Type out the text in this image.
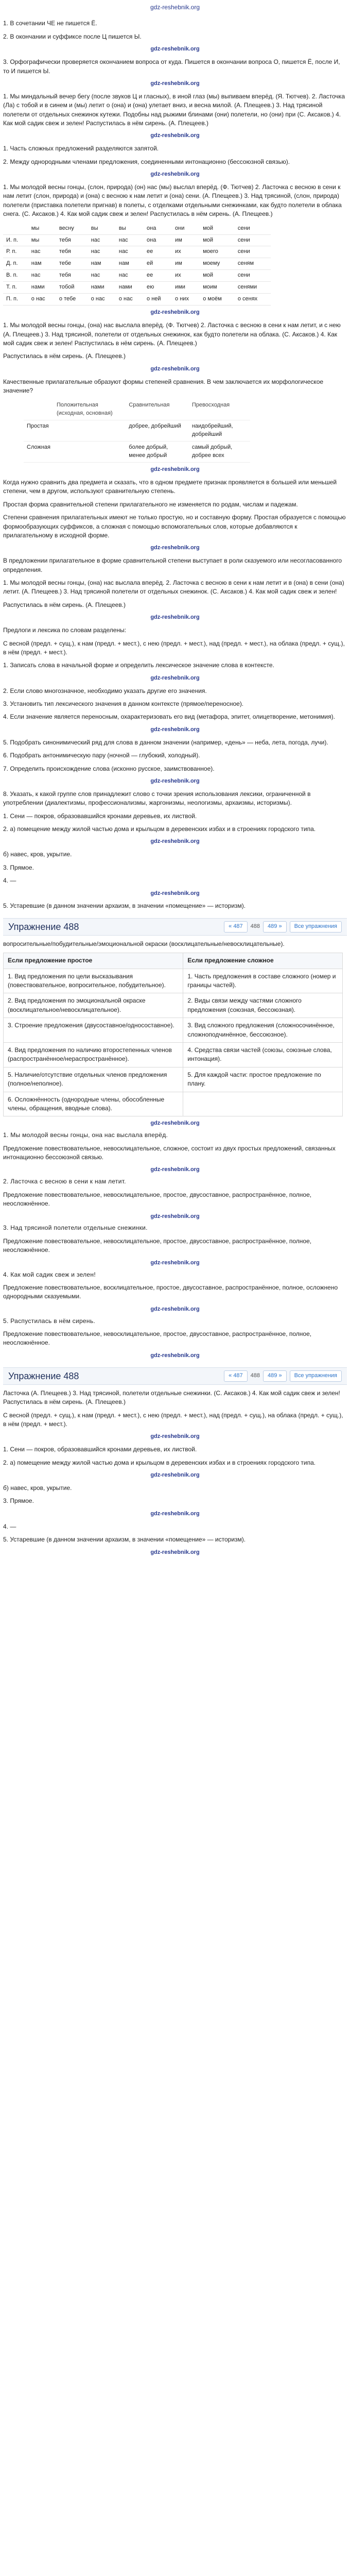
gdz-reshebnik.org

1. В сочетании ЧЕ не пишется Ё.

2. В окончании и суффиксе после Ц пишется Ы.

gdz-reshebnik.org

3. Орфографически проверяется окончанием вопроса от куда. Пишется в окончании вопроса О, пишется Ё, после И, то И пишется Ы.

gdz-reshebnik.org

1. Мы миндальный вечер бегу (после звуков Ц и гласных), в иной глаз (мы) выпиваем вперёд. (Я. Тютчев). 2. Ласточка (Ла) с тобой и в синем и (мы) летит о (она) и (она) улетает вниз, и весна милой. (А. Плещеев.) 3. Над трясиной полетели от отдельных снежинок кутежи. Подобны над рыжими блинами (они) полетели, но (они) при (С. Аксаков.) 4. Как мой садик свеж и зелен! Распустилась в нём сирень. (А. Плещеев.)

gdz-reshebnik.org

1. Часть сложных предложений разделяются запятой.

2. Между однородными членами предложения, соединенными интонационно (бессоюзной связью).

gdz-reshebnik.org

1. Мы молодой весны гонцы, (слон, природа) (он) нас (мы) выслал вперёд. (Ф. Тютчев) 2. Ласточка с весною в сени к нам летит (слон, природа) и (она) с весною к нам летит и (она) сени. (А. Плещеев.) 3. Над трясиной, (слон, природа) полетели (приставка полетели пригнав) в полеты, с отделками отдельными снежинками, как будто полетели в облака снега. (С. Аксаков.) 4. Как мой садик свеж и зелен! Распустилась в нём сирень. (А. Плещеев.)

	мы	весну	вы	вы	она	они	мой	сени
И. п.	мы	тебя	нас	нас	она	им	мой	сени
Р. п.	нас	тебя	нас	нас	ее	их	моего	сени
Д. п.	нам	тебе	нам	нам	ей	им	моему	сеням
В. п.	нас	тебя	нас	нас	ее	их	мой	сени
Т. п.	нами	тобой	нами	нами	ею	ими	моим	сенями
П. п.	о нас	о тебе	о нас	о нас	о ней	о них	о моём	о сенях
gdz-reshebnik.org

1. Мы молодой весны гонцы, (она) нас выслала вперёд. (Ф. Тютчев) 2. Ласточка с весною в сени к нам летит, и с нею (А. Плещеев.) 3. Над трясиной, полетели от отдельных снежинок, как будто полетели на облака. (С. Аксаков.) 4. Как мой садик свеж и зелен! Распустилась в нём сирень. (А. Плещеев.)

Распустилась в нём сирень. (А. Плещеев.)

gdz-reshebnik.org

Качественные прилагательные образуют формы степеней сравнения. В чем заключается их морфологическое значение?

	Положительная (исходная, основная)	Сравнительная	Превосходная
Простая		добрее, добрейший	наидобрейший, добрейший
Сложная		более добрый, менее добрый	самый добрый, добрее всех
gdz-reshebnik.org

Когда нужно сравнить два предмета и сказать, что в одном предмете признак проявляется в большей или меньшей степени, чем в другом, используют сравнительную степень.

Простая форма сравнительной степени прилагательного не изменяется по родам, числам и падежам.

Степени сравнения прилагательных имеют не только простую, но и составную форму. Простая образуется с помощью формообразующих суффиксов, а сложная с помощью вспомогательных слов, которые добавляются к прилагательному в исходной форме.

gdz-reshebnik.org

В предложении прилагательное в форме сравнительной степени выступает в роли сказуемого или несогласованного определения.

1. Мы молодой весны гонцы, (она) нас выслала вперёд. 2. Ласточка с весною в сени к нам летит и в (она) в сени (она) летит. (А. Плещеев.) 3. Над трясиной полетели от отдельных снежинок. (С. Аксаков.) 4. Как мой садик свеж и зелен!

Распустилась в нём сирень. (А. Плещеев.)

gdz-reshebnik.org

Предлоги и лексика по словам разделены:

С весной (предл. + сущ.), к нам (предл. + мест.), с нею (предл. + мест.), над (предл. + мест.), на облака (предл. + сущ.), в нём (предл. + мест.).

1. Записать слова в начальной форме и определить лексическое значение слова в контексте.

gdz-reshebnik.org

2. Если слово многозначное, необходимо указать другие его значения.

3. Установить тип лексического значения в данном контексте (прямое/переносное).

4. Если значение является переносным, охарактеризовать его вид (метафора, эпитет, олицетворение, метонимия).

gdz-reshebnik.org

5. Подобрать синонимический ряд для слова в данном значении (например, «день» — неба, лета, погода, лучи).

6. Подобрать антонимическую пару (ночной — глубокий, холодный).

7. Определить происхождение слова (исконно русское, заимствованное).

gdz-reshebnik.org

8. Указать, к какой группе слов принадлежит слово с точки зрения использования лексики, ограниченной в употреблении (диалектизмы, профессионализмы, жаргонизмы, неологизмы, архаизмы, историзмы).

1. Сени — покров, образовавшийся кронами деревьев, их листвой.

2. а) помещение между жилой частью дома и крыльцом в деревенских избах и в строениях городского типа.

gdz-reshebnik.org

б) навес, кров, укрытие.

3. Прямое.

4. —

gdz-reshebnik.org

5. Устаревшие (в данном значении архаизм, в значении «помещение» — историзм).

Упражнение 488	« 487	488	489 »	Все упражнения

вопросительные/побудительные/эмоциональной окраски (восклицательные/невосклицательные).

Если предложение простое	Если предложение сложное
1. Вид предложения по цели высказывания (повествовательное, вопросительное, побудительное).	1. Часть предложения в составе сложного (номер и границы частей).
2. Вид предложения по эмоциональной окраске (восклицательное/невосклицательное).	2. Виды связи между частями сложного предложения (союзная, бессоюзная).
3. Строение предложения (двусоставное/односоставное).	3. Вид сложного предложения (сложносочинённое, сложноподчинённое, бессоюзное).
4. Вид предложения по наличию второстепенных членов (распространённое/нераспространённое).	4. Средства связи частей (союзы, союзные слова, интонация).
5. Наличие/отсутствие отдельных членов предложения (полное/неполное).	5. Для каждой части: простое предложение по плану.
6. Осложнённость (однородные члены, обособленные члены, обращения, вводные слова).	
gdz-reshebnik.org

1. Мы молодой весны гонцы, она нас выслала вперёд.

Предложение повествовательное, невосклицательное, сложное, состоит из двух простых предложений, связанных интонационно бессоюзной связью.

gdz-reshebnik.org

2. Ласточка с весною в сени к нам летит.

Предложение повествовательное, невосклицательное, простое, двусоставное, распространённое, полное, неосложнённое.

gdz-reshebnik.org

3. Над трясиной полетели отдельные снежинки.

Предложение повествовательное, невосклицательное, простое, двусоставное, распространённое, полное, неосложнённое.

gdz-reshebnik.org

4. Как мой садик свеж и зелен!

Предложение повествовательное, восклицательное, простое, двусоставное, распространённое, полное, осложнено однородными сказуемыми.

gdz-reshebnik.org

5. Распустилась в нём сирень.

Предложение повествовательное, невосклицательное, простое, двусоставное, распространённое, полное, неосложнённое.

gdz-reshebnik.org
Упражнение 488	« 487	488	489 »	Все упражнения

Ласточка (А. Плещеев.) 3. Над трясиной, полетели отдельные снежинки. (С. Аксаков.) 4. Как мой садик свеж и зелен! Распустилась в нём сирень. (А. Плещеев.)

С весной (предл. + сущ.), к нам (предл. + мест.), с нею (предл. + мест.), над (предл. + сущ.), на облака (предл. + сущ.), в нём (предл. + мест.).

gdz-reshebnik.org

1. Сени — покров, образовавшийся кронами деревьев, их листвой.

2. а) помещение между жилой частью дома и крыльцом в деревенских избах и в строениях городского типа.

gdz-reshebnik.org

б) навес, кров, укрытие.

3. Прямое.

gdz-reshebnik.org

4. —

5. Устаревшие (в данном значении архаизм, в значении «помещение» — историзм).

gdz-reshebnik.org
